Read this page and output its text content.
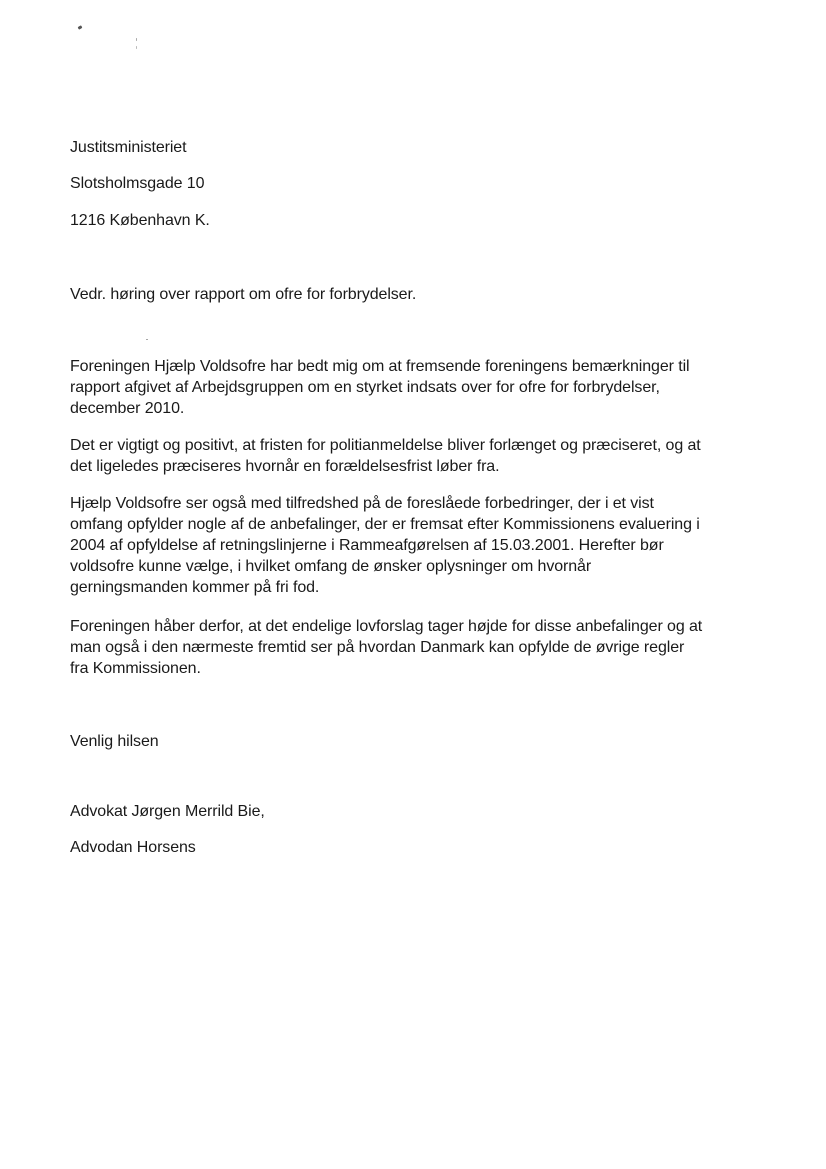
Justitsministeriet
Slotsholmsgade 10
1216 København K.
Vedr. høring over rapport om ofre for forbrydelser.
Foreningen Hjælp Voldsofre har bedt mig om at fremsende foreningens bemærkninger til
rapport afgivet af Arbejdsgruppen om en styrket indsats over for ofre for forbrydelser,
december 2010.
Det er vigtigt og positivt, at fristen for politianmeldelse bliver forlænget og præciseret, og at
det ligeledes præciseres hvornår en forældelsesfrist løber fra.
Hjælp Voldsofre ser også med tilfredshed på de foreslåede forbedringer, der i et vist
omfang opfylder nogle af de anbefalinger, der er fremsat efter Kommissionens evaluering i
2004 af opfyldelse af retningslinjerne i Rammeafgørelsen af 15.03.2001. Herefter bør
voldsofre kunne vælge, i hvilket omfang de ønsker oplysninger om hvornår
gerningsmanden kommer på fri fod.
Foreningen håber derfor, at det endelige lovforslag tager højde for disse anbefalinger og at
man også i den nærmeste fremtid ser på hvordan Danmark kan opfylde de øvrige regler
fra Kommissionen.
Venlig hilsen
Advokat Jørgen Merrild Bie,
Advodan Horsens
